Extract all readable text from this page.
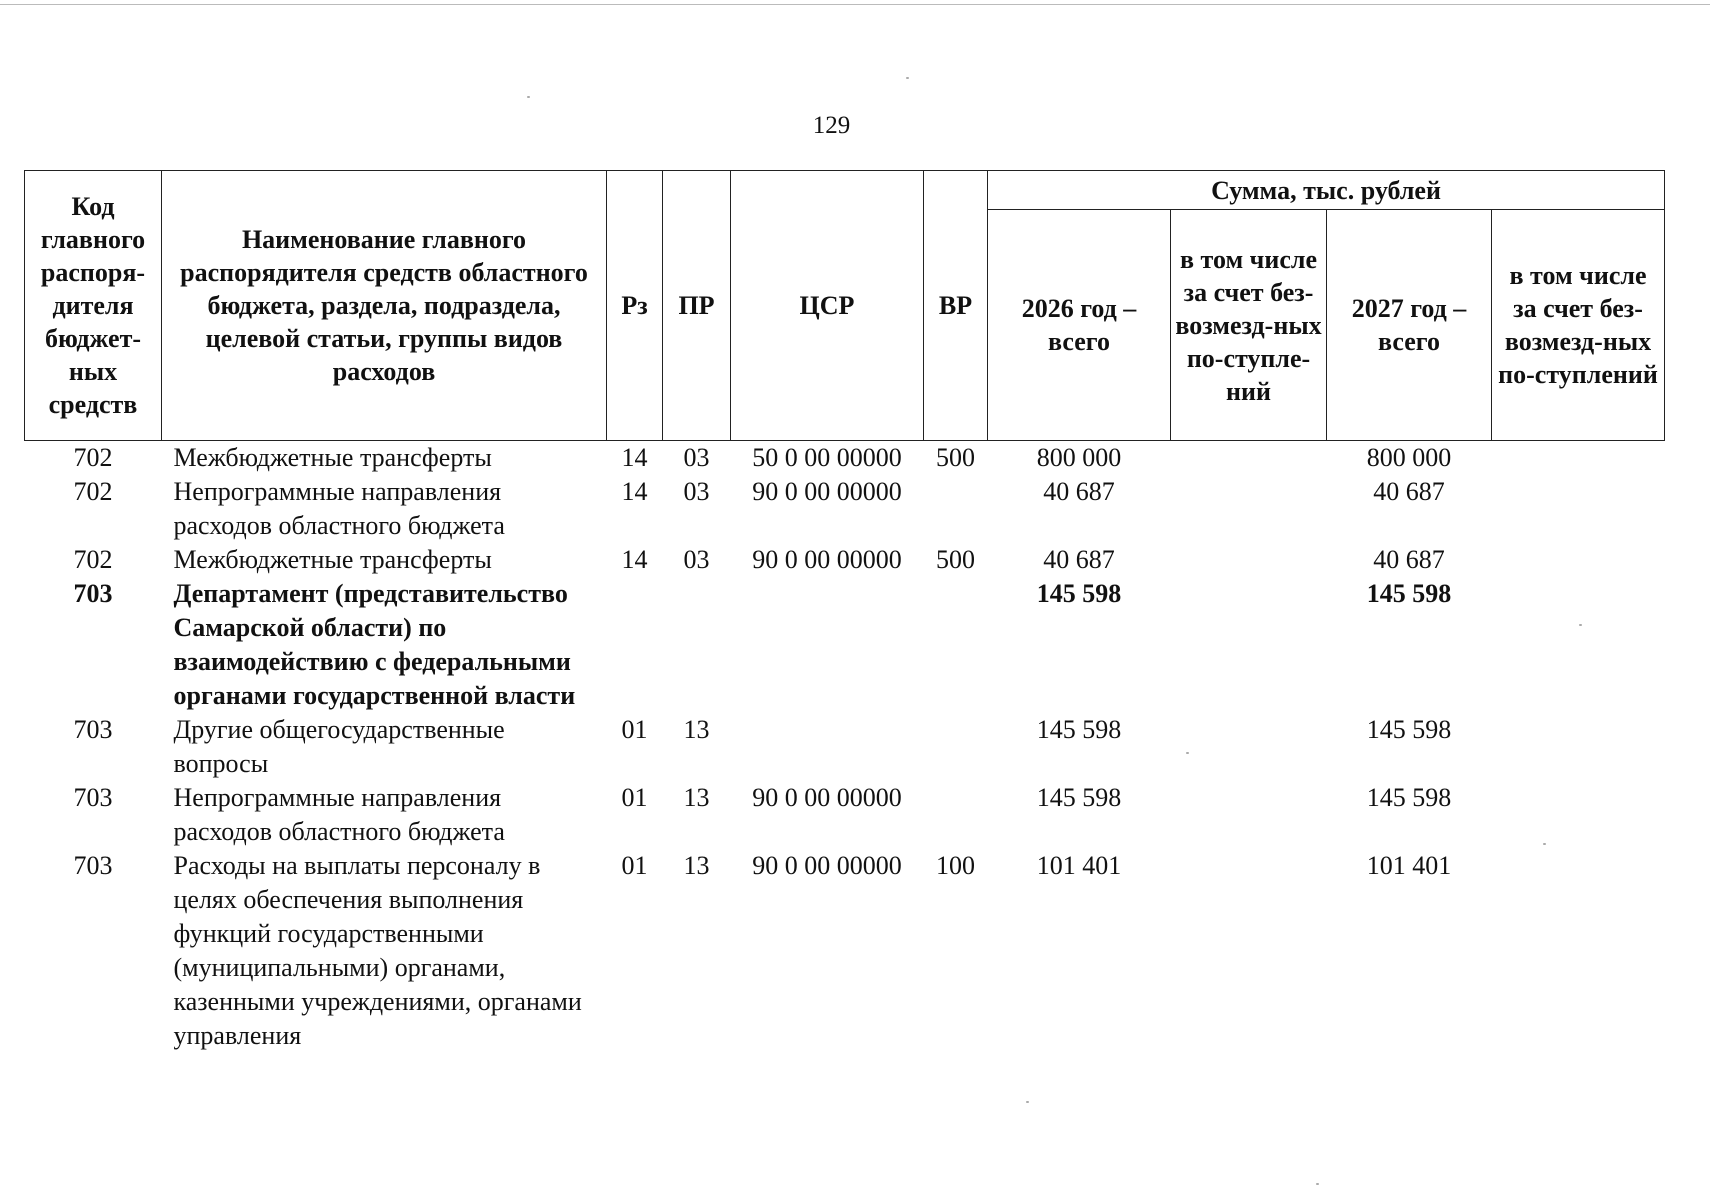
129
Код главного распоря-дителя бюджет-ных средств	Наименование главного распорядителя средств областного бюджета, раздела, подраздела, целевой статьи, группы видов расходов	Рз	ПР	ЦСР	ВР	Сумма, тыс. рублей			
						2026 год – всего	в том числе за счет без-возмезд-ных по-ступле-ний	2027 год – всего	в том числе за счет без-возмезд-ных по-ступлений
702	Межбюджетные трансферты	14	03	50 0 00 00000	500	800 000		800 000	
702	Непрограммные направления расходов областного бюджета	14	03	90 0 00 00000		40 687		40 687	
702	Межбюджетные трансферты	14	03	90 0 00 00000	500	40 687		40 687	
703	Департамент (представительство Самарской области) по взаимодействию с федеральными органами государственной власти					145 598		145 598	
703	Другие общегосударственные вопросы	01	13			145 598		145 598	
703	Непрограммные направления расходов областного бюджета	01	13	90 0 00 00000		145 598		145 598	
703	Расходы на выплаты персоналу в целях обеспечения выполнения функций государственными (муниципальными) органами, казенными учреждениями, органами управления	01	13	90 0 00 00000	100	101 401		101 401	
